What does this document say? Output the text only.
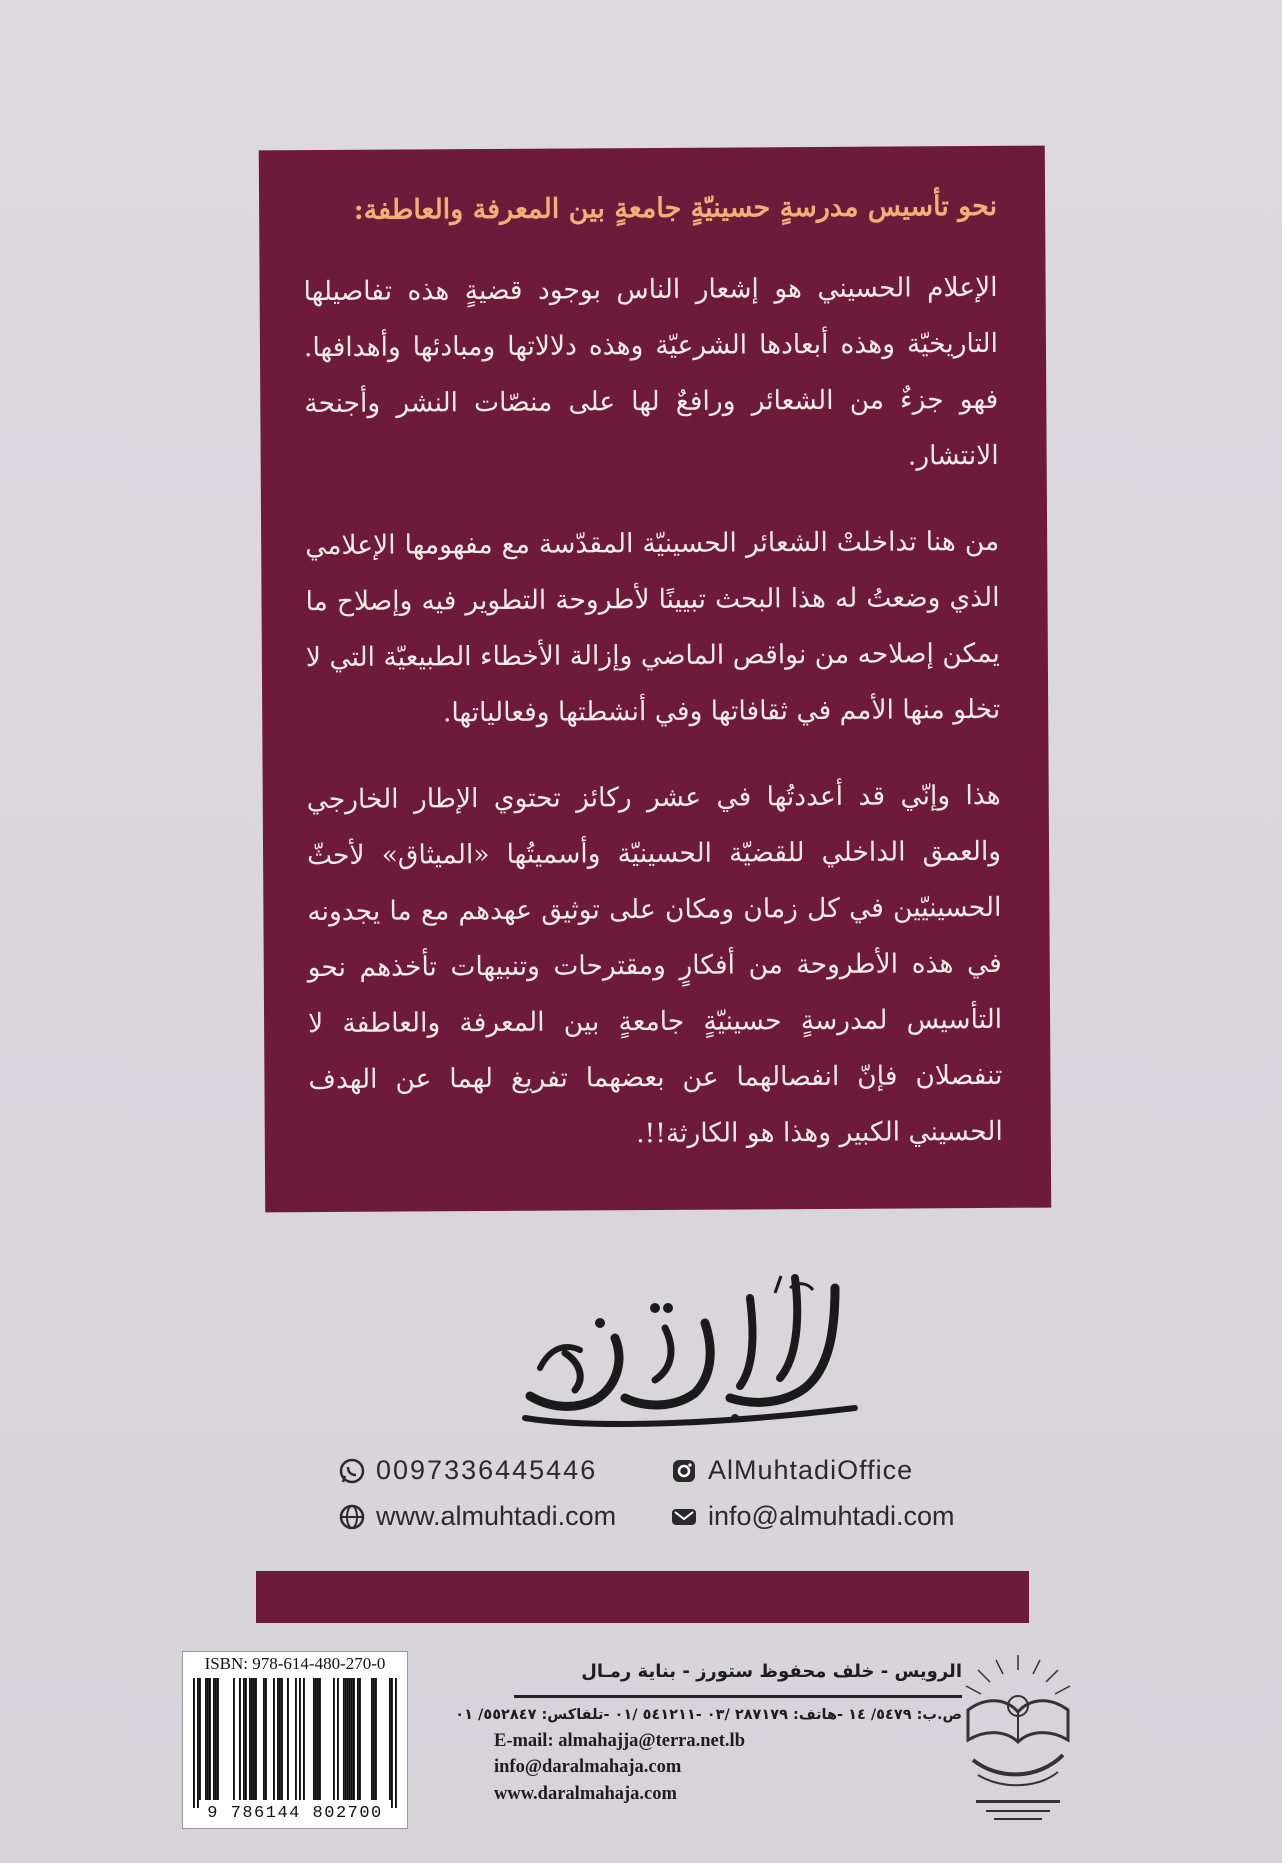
نحو تأسيس مدرسةٍ حسينيّةٍ جامعةٍ بين المعرفة والعاطفة:

الإعلام الحسيني هو إشعار الناس بوجود قضيةٍ هذه تفاصيلها التاريخيّة وهذه أبعادها الشرعيّة وهذه دلالاتها ومبادئها وأهدافها. فهو جزءٌ من الشعائر ورافعٌ لها على منصّات النشر وأجنحة الانتشار.

من هنا تداخلتْ الشعائر الحسينيّة المقدّسة مع مفهومها الإعلامي الذي وضعتُ له هذا البحث تبيينًا لأطروحة التطوير فيه وإصلاح ما يمكن إصلاحه من نواقص الماضي وإزالة الأخطاء الطبيعيّة التي لا تخلو منها الأمم في ثقافاتها وفي أنشطتها وفعالياتها.

هذا وإنّي قد أعددتُها في عشر ركائز تحتوي الإطار الخارجي والعمق الداخلي للقضيّة الحسينيّة وأسميتُها «الميثاق» لأحثّ الحسينيّين في كل زمان ومكان على توثيق عهدهم مع ما يجدونه في هذه الأطروحة من أفكارٍ ومقترحات وتنبيهات تأخذهم نحو التأسيس لمدرسةٍ حسينيّةٍ جامعةٍ بين المعرفة والعاطفة لا تنفصلان فإنّ انفصالهما عن بعضهما تفريغ لهما عن الهدف الحسيني الكبير وهذا هو الكارثة!!.

0097336445446	AlMuhtadiOffice
www.almuhtadi.com	info@almuhtadi.com
ISBN: 978-614-480-270-0
9 786144 802700
الرويس - خلف محفوظ ستورز - بناية رمـال
ص.ب: ٥٤٧٩/ ١٤ -هاتف: ٢٨٧١٧٩ /٠٣ -٥٤١٢١١ /٠١ -تلفاكس: ٥٥٢٨٤٧/ ٠١
E-mail: almahajja@terra.net.lb
info@daralmahaja.com
www.daralmahaja.com
